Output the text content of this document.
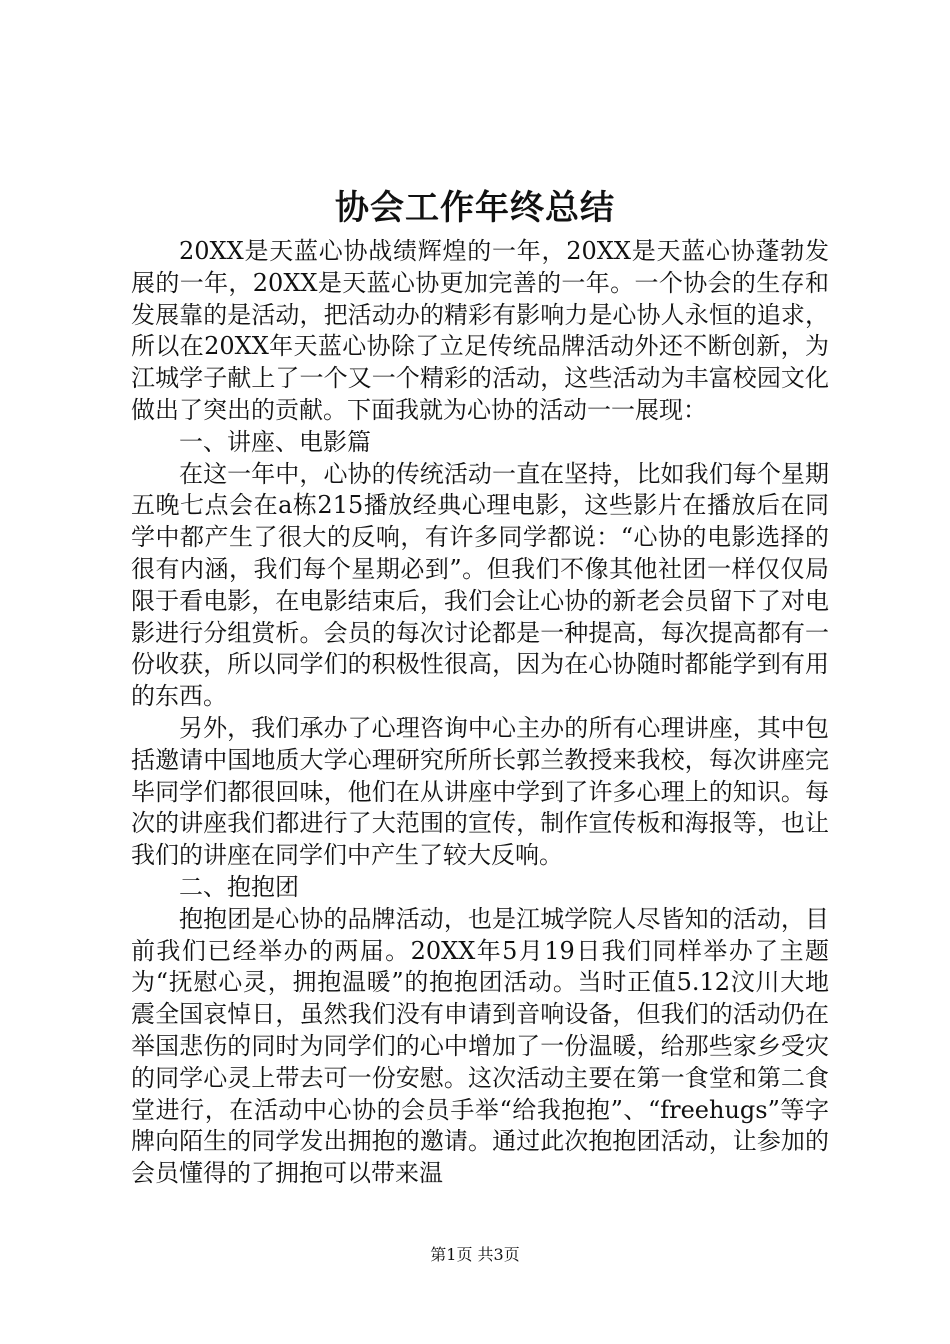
协会工作年终总结

20XX是天蓝心协战绩辉煌的一年，20XX是天蓝心协蓬勃发展的一年，20XX是天蓝心协更加完善的一年。一个协会的生存和发展靠的是活动，把活动办的精彩有影响力是心协人永恒的追求，所以在20XX年天蓝心协除了立足传统品牌活动外还不断创新，为江城学子献上了一个又一个精彩的活动，这些活动为丰富校园文化做出了突出的贡献。下面我就为心协的活动一一展现：

一、讲座、电影篇

在这一年中，心协的传统活动一直在坚持，比如我们每个星期五晚七点会在a栋215播放经典心理电影，这些影片在播放后在同学中都产生了很大的反响，有许多同学都说：“心协的电影选择的很有内涵，我们每个星期必到”。但我们不像其他社团一样仅仅局限于看电影，在电影结束后，我们会让心协的新老会员留下了对电影进行分组赏析。会员的每次讨论都是一种提高，每次提高都有一份收获，所以同学们的积极性很高，因为在心协随时都能学到有用的东西。

另外，我们承办了心理咨询中心主办的所有心理讲座，其中包括邀请中国地质大学心理研究所所长郭兰教授来我校，每次讲座完毕同学们都很回味，他们在从讲座中学到了许多心理上的知识。每次的讲座我们都进行了大范围的宣传，制作宣传板和海报等，也让我们的讲座在同学们中产生了较大反响。

二、抱抱团

抱抱团是心协的品牌活动，也是江城学院人尽皆知的活动，目前我们已经举办的两届。20XX年5月19日我们同样举办了主题为“抚慰心灵，拥抱温暖”的抱抱团活动。当时正值5.12汶川大地震全国哀悼日，虽然我们没有申请到音响设备，但我们的活动仍在举国悲伤的同时为同学们的心中增加了一份温暖，给那些家乡受灾的同学心灵上带去可一份安慰。这次活动主要在第一食堂和第二食堂进行，在活动中心协的会员手举“给我抱抱”、“freehugs”等字牌向陌生的同学发出拥抱的邀请。通过此次抱抱团活动，让参加的会员懂得的了拥抱可以带来温

第1页 共3页
